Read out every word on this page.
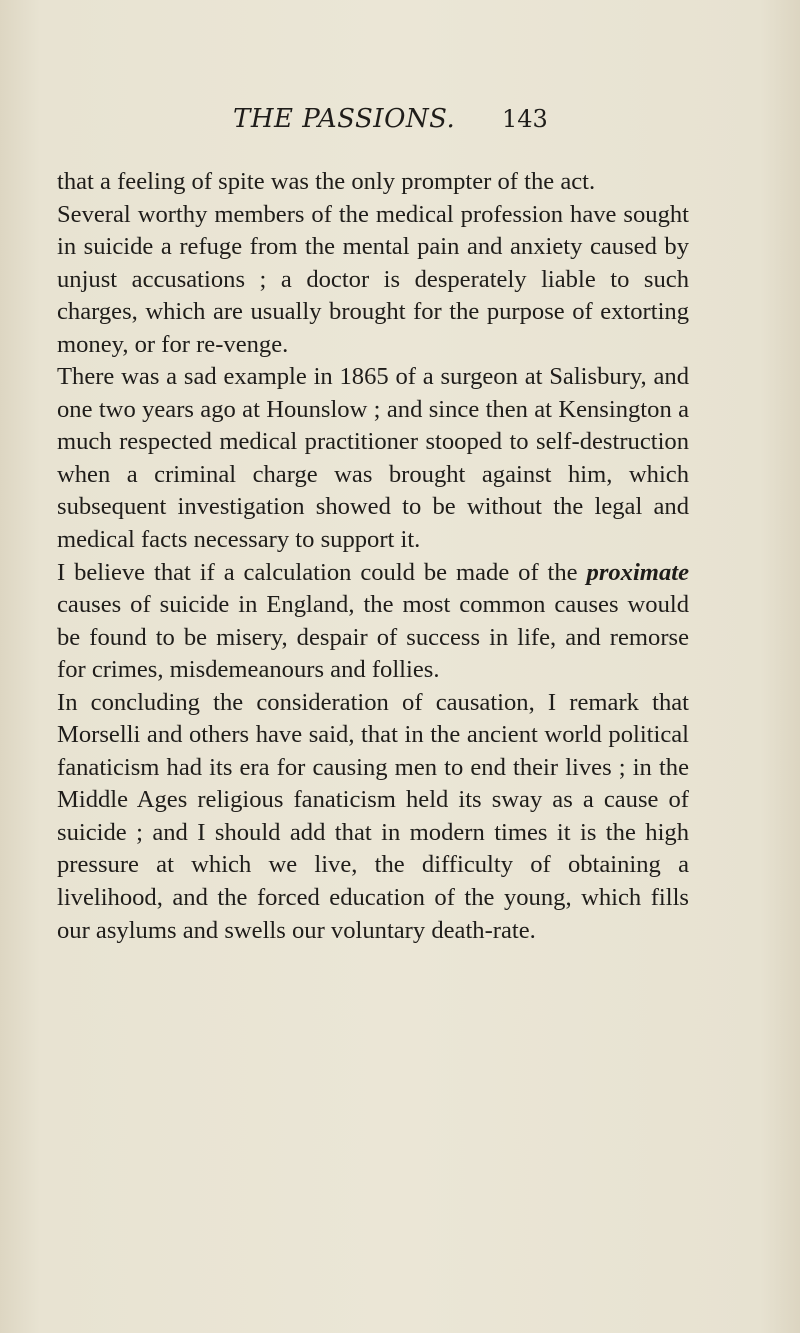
THE PASSIONS. 143

that a feeling of spite was the only prompter of the act.

Several worthy members of the medical profession have sought in suicide a refuge from the mental pain and anxiety caused by unjust accusations ; a doctor is desperately liable to such charges, which are usually brought for the purpose of extorting money, or for re-venge.

There was a sad example in 1865 of a surgeon at Salisbury, and one two years ago at Hounslow ; and since then at Kensington a much respected medical practitioner stooped to self-destruction when a criminal charge was brought against him, which subsequent investigation showed to be without the legal and medical facts necessary to support it.

I believe that if a calculation could be made of the proximate causes of suicide in England, the most common causes would be found to be misery, despair of success in life, and remorse for crimes, misdemeanours and follies.

In concluding the consideration of causation, I remark that Morselli and others have said, that in the ancient world political fanaticism had its era for causing men to end their lives ; in the Middle Ages religious fanaticism held its sway as a cause of suicide ; and I should add that in modern times it is the high pressure at which we live, the difficulty of obtaining a livelihood, and the forced education of the young, which fills our asylums and swells our voluntary death-rate.
